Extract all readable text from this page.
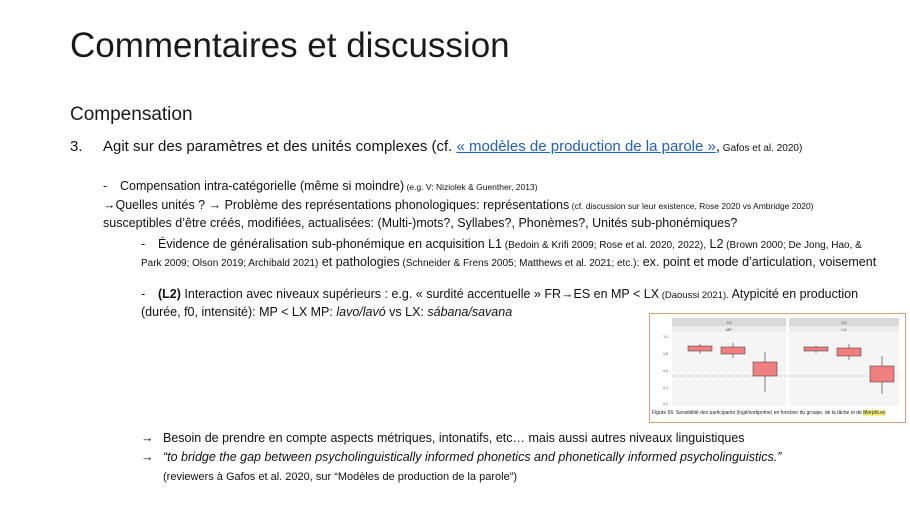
Commentaires et discussion
Compensation
3. Agit sur des paramètres et des unités complexes (cf. « modèles de production de la parole », Gafos et al. 2020)
- Compensation intra-catégorielle (même si moindre) (e.g. V: Niziolek & Guenther, 2013)
→Quelles unités ? → Problème des représentations phonologiques: représentations (cf. discussion sur leur existence, Rose 2020 vs Ambridge 2020) susceptibles d’être créés, modifiées, actualisées: (Multi-)mots?, Syllabes?, Phonèmes?, Unités sub-phonémiques?
- Évidence de généralisation sub-phonémique en acquisition L1 (Bedoin & Krifi 2009; Rose et al. 2020, 2022), L2 (Brown 2000; De Jong, Hao, & Park 2009; Olson 2019; Archibald 2021) et pathologies (Schneider & Frens 2005; Matthews et al. 2021; etc.): ex. point et mode d’articulation, voisement
- (L2) Interaction avec niveaux supérieurs : e.g. « surdité accentuelle » FR→ES en MP < LX (Daoussi 2021). Atypicité en production (durée, f0, intensité): MP < LX MP: lavo/lavó vs LX: sábana/savana
C2	C3
MP	LX
1.0
0.8
0.6
0.4
0.2
Figure 56: Sensibilité des participants (logit/sortiprime) en fonction du groupe, de la tâche et de MorphLex
→ Besoin de prendre en compte aspects métriques, intonatifs, etc… mais aussi autres niveaux linguistiques
→ “to bridge the gap between psycholinguistically informed phonetics and phonetically informed psycholinguistics.”
(reviewers à Gafos et al. 2020, sur “Modèles de production de la parole”)
